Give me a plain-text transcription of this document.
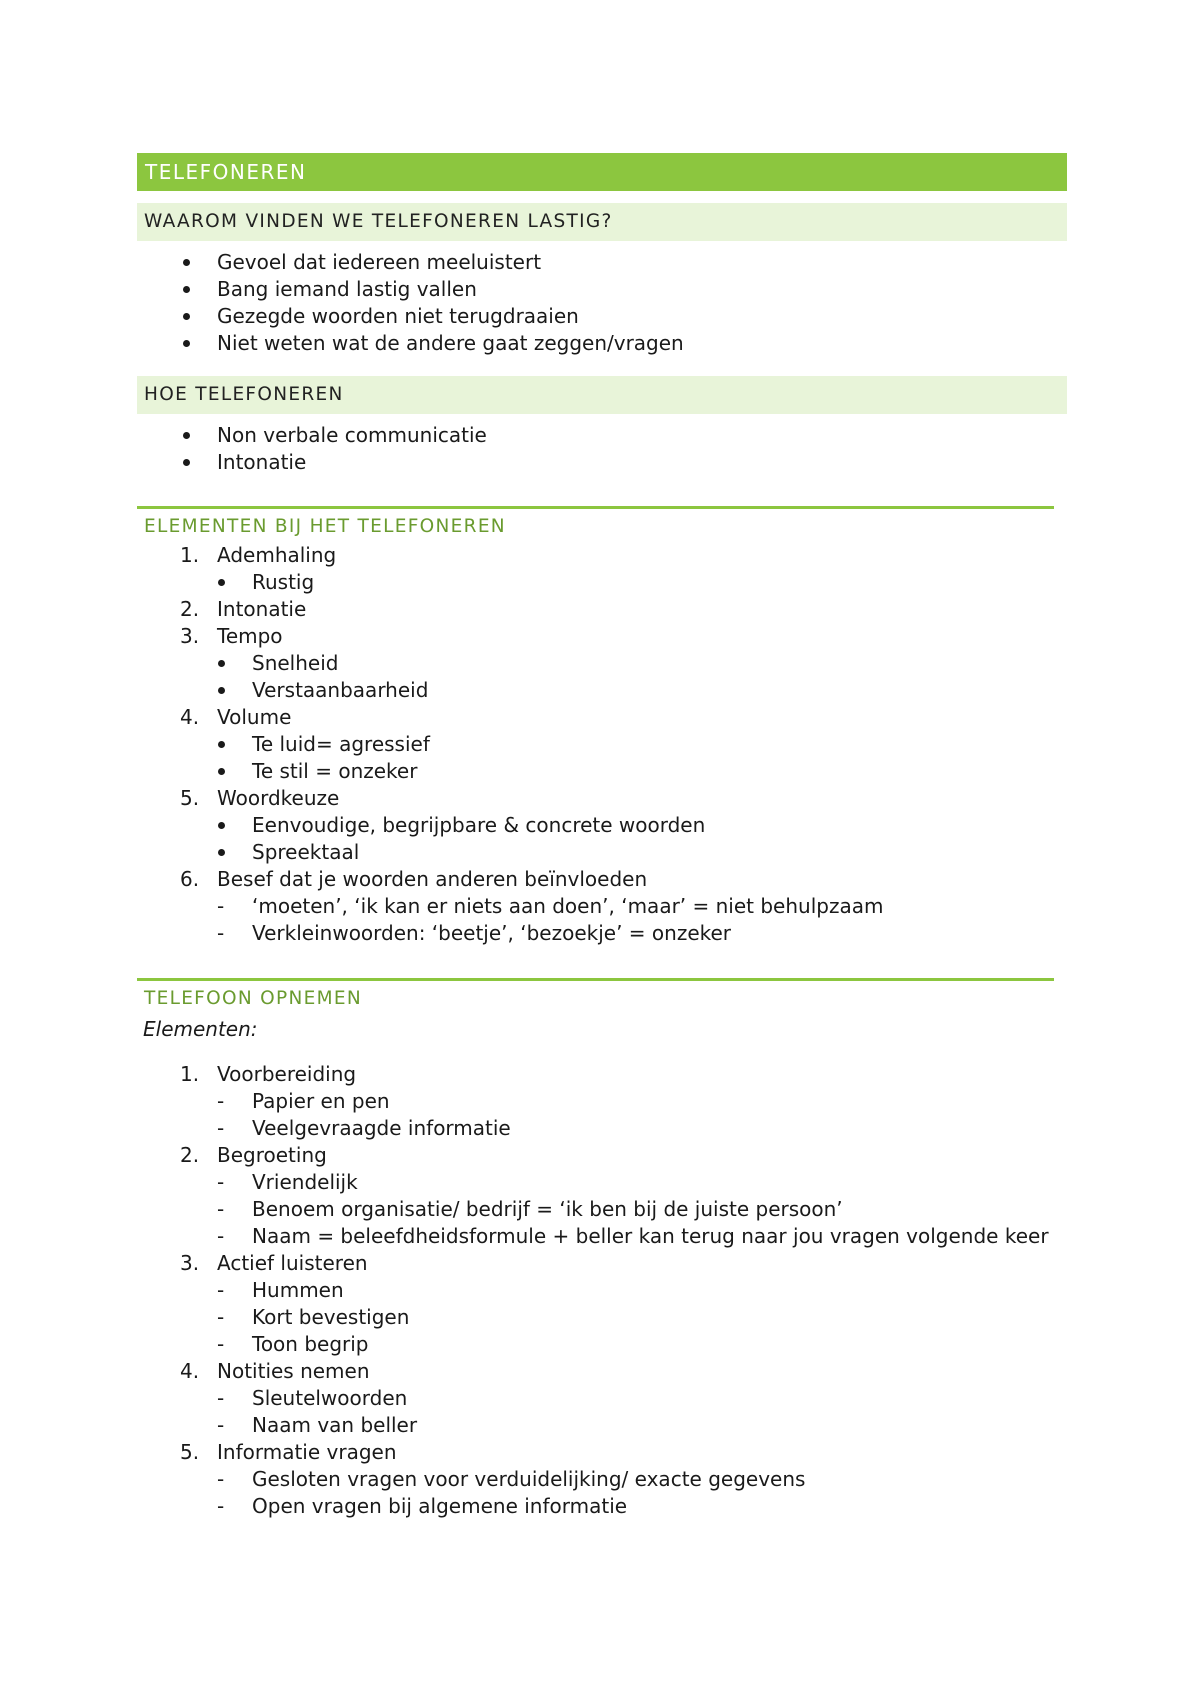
TELEFONEREN
WAAROM VINDEN WE TELEFONEREN LASTIG?
Gevoel dat iedereen meeluistert
Bang iemand lastig vallen
Gezegde woorden niet terugdraaien
Niet weten wat de andere gaat zeggen/vragen
HOE TELEFONEREN
Non verbale communicatie
Intonatie
ELEMENTEN BIJ HET TELEFONEREN
1. Ademhaling
Rustig
2. Intonatie
3. Tempo
Snelheid
Verstaanbaarheid
4. Volume
Te luid= agressief
Te stil = onzeker
5. Woordkeuze
Eenvoudige, begrijpbare & concrete woorden
Spreektaal
6. Besef dat je woorden anderen beïnvloeden
- ‘moeten’, ‘ik kan er niets aan doen’, ‘maar’ = niet behulpzaam
- Verkleinwoorden: ‘beetje’, ‘bezoekje’ = onzeker
TELEFOON OPNEMEN
Elementen:
1. Voorbereiding
- Papier en pen
- Veelgevraagde informatie
2. Begroeting
- Vriendelijk
- Benoem organisatie/ bedrijf = ‘ik ben bij de juiste persoon’
- Naam = beleefdheidsformule + beller kan terug naar jou vragen volgende keer
3. Actief luisteren
- Hummen
- Kort bevestigen
- Toon begrip
4. Notities nemen
- Sleutelwoorden
- Naam van beller
5. Informatie vragen
- Gesloten vragen voor verduidelijking/ exacte gegevens
- Open vragen bij algemene informatie
